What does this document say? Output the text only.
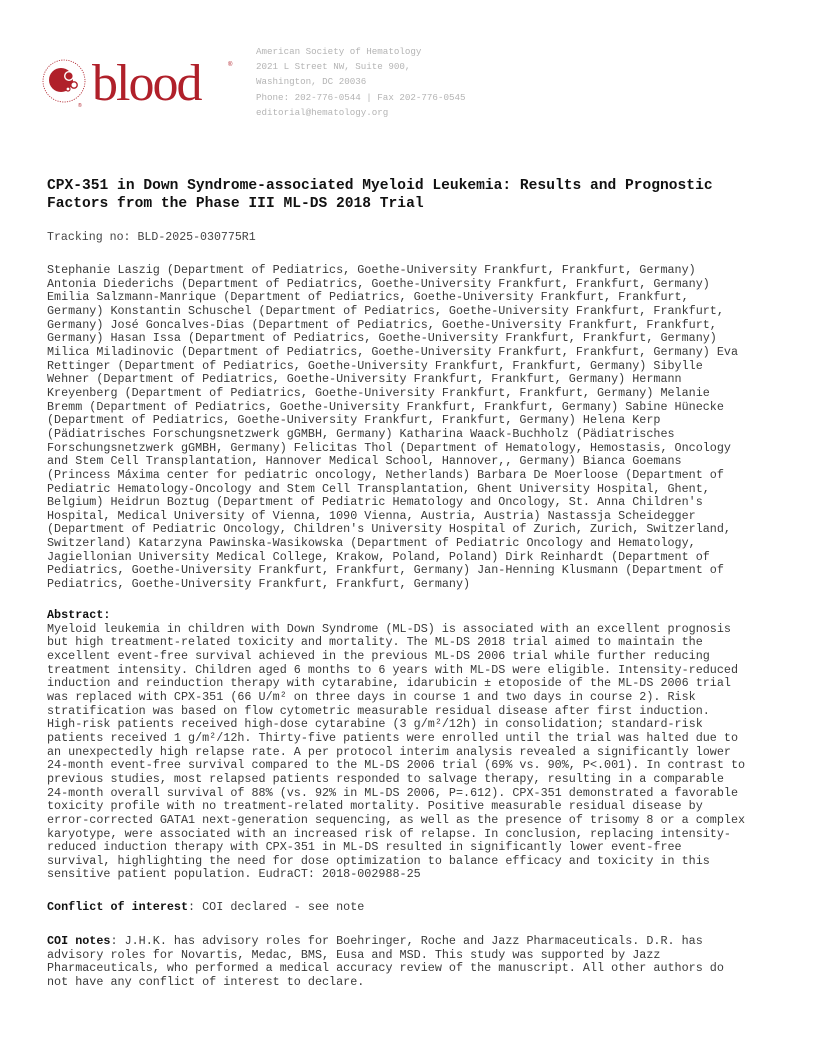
® blood	®
American Society of Hematology
2021 L Street NW, Suite 900,
Washington, DC 20036
Phone: 202-776-0544 | Fax 202-776-0545
editorial@hematology.org
CPX-351 in Down Syndrome-associated Myeloid Leukemia: Results and Prognostic
Factors from the Phase III ML-DS 2018 Trial
Tracking no: BLD-2025-030775R1
Stephanie Laszig (Department of Pediatrics, Goethe-University Frankfurt, Frankfurt, Germany)
Antonia Diederichs (Department of Pediatrics, Goethe-University Frankfurt, Frankfurt, Germany)
Emilia Salzmann-Manrique (Department of Pediatrics, Goethe-University Frankfurt, Frankfurt,
Germany) Konstantin Schuschel (Department of Pediatrics, Goethe-University Frankfurt, Frankfurt,
Germany) José Goncalves-Dias (Department of Pediatrics, Goethe-University Frankfurt, Frankfurt,
Germany) Hasan Issa (Department of Pediatrics, Goethe-University Frankfurt, Frankfurt, Germany)
Milica Miladinovic (Department of Pediatrics, Goethe-University Frankfurt, Frankfurt, Germany) Eva
Rettinger (Department of Pediatrics, Goethe-University Frankfurt, Frankfurt, Germany) Sibylle
Wehner (Department of Pediatrics, Goethe-University Frankfurt, Frankfurt, Germany) Hermann
Kreyenberg (Department of Pediatrics, Goethe-University Frankfurt, Frankfurt, Germany) Melanie
Bremm (Department of Pediatrics, Goethe-University Frankfurt, Frankfurt, Germany) Sabine Hünecke
(Department of Pediatrics, Goethe-University Frankfurt, Frankfurt, Germany) Helena Kerp
(Pädiatrisches Forschungsnetzwerk gGMBH, Germany) Katharina Waack-Buchholz (Pädiatrisches
Forschungsnetzwerk gGMBH, Germany) Felicitas Thol (Department of Hematology, Hemostasis, Oncology
and Stem Cell Transplantation, Hannover Medical School, Hannover,, Germany) Bianca Goemans
(Princess Máxima center for pediatric oncology, Netherlands) Barbara De Moerloose (Department of
Pediatric Hematology-Oncology and Stem Cell Transplantation, Ghent University Hospital, Ghent,
Belgium) Heidrun Boztug (Department of Pediatric Hematology and Oncology, St. Anna Children's
Hospital, Medical University of Vienna, 1090 Vienna, Austria, Austria) Nastassja Scheidegger
(Department of Pediatric Oncology, Children's University Hospital of Zurich, Zurich, Switzerland,
Switzerland) Katarzyna Pawinska-Wasikowska (Department of Pediatric Oncology and Hematology,
Jagiellonian University Medical College, Krakow, Poland, Poland) Dirk Reinhardt (Department of
Pediatrics, Goethe-University Frankfurt, Frankfurt, Germany) Jan-Henning Klusmann (Department of
Pediatrics, Goethe-University Frankfurt, Frankfurt, Germany)
Abstract:
Myeloid leukemia in children with Down Syndrome (ML-DS) is associated with an excellent prognosis
but high treatment-related toxicity and mortality. The ML-DS 2018 trial aimed to maintain the
excellent event-free survival achieved in the previous ML-DS 2006 trial while further reducing
treatment intensity. Children aged 6 months to 6 years with ML-DS were eligible. Intensity-reduced
induction and reinduction therapy with cytarabine, idarubicin ± etoposide of the ML-DS 2006 trial
was replaced with CPX-351 (66 U/m² on three days in course 1 and two days in course 2). Risk
stratification was based on flow cytometric measurable residual disease after first induction.
High-risk patients received high-dose cytarabine (3 g/m²/12h) in consolidation; standard-risk
patients received 1 g/m²/12h. Thirty-five patients were enrolled until the trial was halted due to
an unexpectedly high relapse rate. A per protocol interim analysis revealed a significantly lower
24-month event-free survival compared to the ML-DS 2006 trial (69% vs. 90%, P<.001). In contrast to
previous studies, most relapsed patients responded to salvage therapy, resulting in a comparable
24-month overall survival of 88% (vs. 92% in ML-DS 2006, P=.612). CPX-351 demonstrated a favorable
toxicity profile with no treatment-related mortality. Positive measurable residual disease by
error-corrected GATA1 next-generation sequencing, as well as the presence of trisomy 8 or a complex
karyotype, were associated with an increased risk of relapse. In conclusion, replacing intensity-
reduced induction therapy with CPX-351 in ML-DS resulted in significantly lower event-free
survival, highlighting the need for dose optimization to balance efficacy and toxicity in this
sensitive patient population. EudraCT: 2018-002988-25
Conflict of interest: COI declared - see note
COI notes: J.H.K. has advisory roles for Boehringer, Roche and Jazz Pharmaceuticals. D.R. has
advisory roles for Novartis, Medac, BMS, Eusa and MSD. This study was supported by Jazz
Pharmaceuticals, who performed a medical accuracy review of the manuscript. All other authors do
not have any conflict of interest to declare.
